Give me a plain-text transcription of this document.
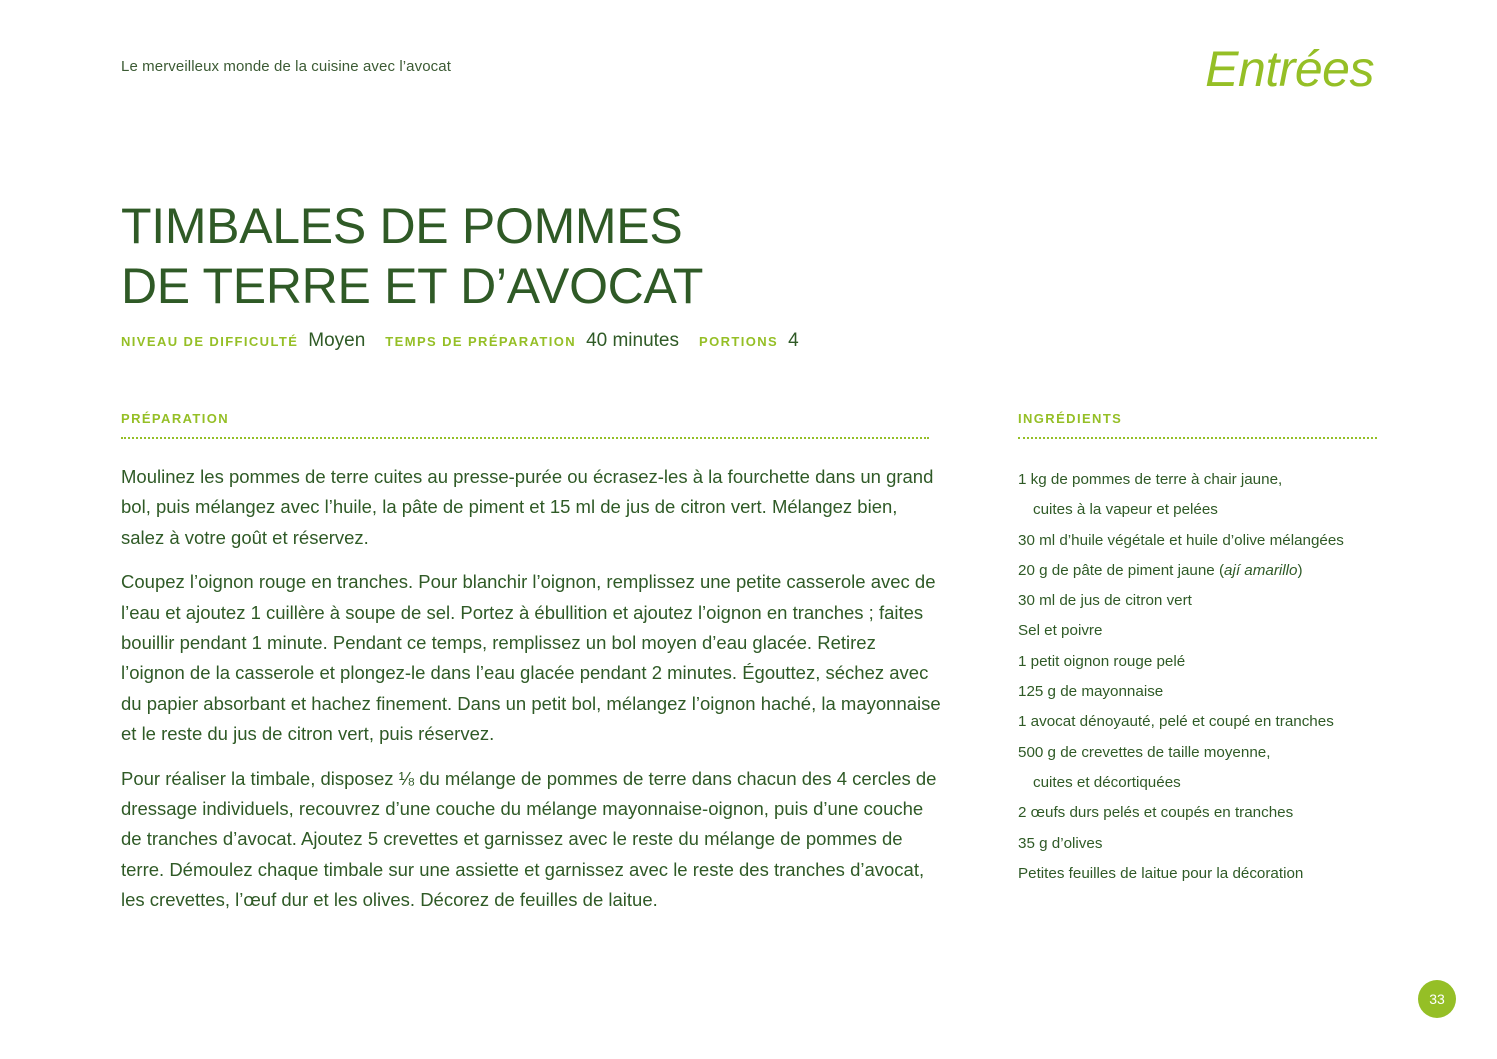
Le merveilleux monde de la cuisine avec l’avocat	Entrées
TIMBALES DE POMMES
DE TERRE ET D’AVOCAT
NIVEAU DE DIFFICULTÉ Moyen TEMPS DE PRÉPARATION 40 minutes PORTIONS 4
PRÉPARATION

Moulinez les pommes de terre cuites au presse-purée ou écrasez-les à la fourchette dans un grand bol, puis mélangez avec l’huile, la pâte de piment et 15 ml de jus de citron vert. Mélangez bien, salez à votre goût et réservez.

Coupez l’oignon rouge en tranches. Pour blanchir l’oignon, remplissez une petite casserole avec de l’eau et ajoutez 1 cuillère à soupe de sel. Portez à ébullition et ajoutez l’oignon en tranches ; faites bouillir pendant 1 minute. Pendant ce temps, remplissez un bol moyen d’eau glacée. Retirez l’oignon de la casserole et plongez-le dans l’eau glacée pendant 2 minutes. Égouttez, séchez avec du papier absorbant et hachez finement. Dans un petit bol, mélangez l’oignon haché, la mayonnaise et le reste du jus de citron vert, puis réservez.

Pour réaliser la timbale, disposez ⅛ du mélange de pommes de terre dans chacun des 4 cercles de dressage individuels, recouvrez d’une couche du mélange mayonnaise-oignon, puis d’une couche de tranches d’avocat. Ajoutez 5 crevettes et garnissez avec le reste du mélange de pommes de terre. Démoulez chaque timbale sur une assiette et garnissez avec le reste des tranches d’avocat, les crevettes, l’œuf dur et les olives. Décorez de feuilles de laitue.

INGRÉDIENTS
1 kg de pommes de terre à chair jaune,
cuites à la vapeur et pelées
30 ml d’huile végétale et huile d’olive mélangées
20 g de pâte de piment jaune (ají amarillo)
30 ml de jus de citron vert
Sel et poivre
1 petit oignon rouge pelé
125 g de mayonnaise
1 avocat dénoyauté, pelé et coupé en tranches
500 g de crevettes de taille moyenne,
cuites et décortiquées
2 œufs durs pelés et coupés en tranches
35 g d’olives
Petites feuilles de laitue pour la décoration
33
